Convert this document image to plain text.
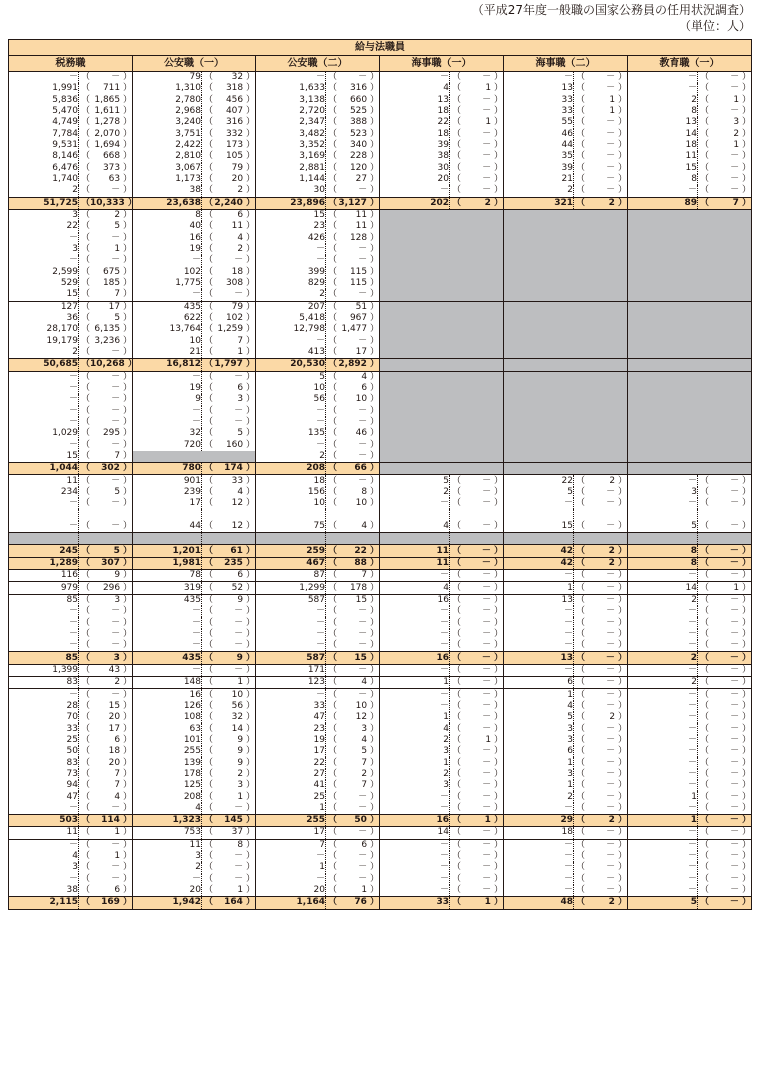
（平成27年度一般職の国家公務員の任用状況調査）
（単位：人）
給与法職員											
税務職		公安職（一）		公安職（二）		海事職（一）		海事職（二）		教育職（一）	
－	（ － ）	79	（ 32 ）	－	（ － ）	－	（ － ）	－	（ － ）	－	（ － ）
1,991	（ 711 ）	1,310	（ 318 ）	1,633	（ 316 ）	4	（ 1 ）	13	（ － ）	－	（ － ）
5,836	（ 1,865 ）	2,780	（ 456 ）	3,138	（ 660 ）	13	（ － ）	33	（ 1 ）	2	（ 1 ）
5,470	（ 1,611 ）	2,968	（ 407 ）	2,720	（ 525 ）	18	（ － ）	33	（ 1 ）	8	（ － ）
4,749	（ 1,278 ）	3,240	（ 316 ）	2,347	（ 388 ）	22	（ 1 ）	55	（ － ）	13	（ 3 ）
7,784	（ 2,070 ）	3,751	（ 332 ）	3,482	（ 523 ）	18	（ － ）	46	（ － ）	14	（ 2 ）
9,531	（ 1,694 ）	2,422	（ 173 ）	3,352	（ 340 ）	39	（ － ）	44	（ － ）	18	（ 1 ）
8,146	（ 668 ）	2,810	（ 105 ）	3,169	（ 228 ）	38	（ － ）	35	（ － ）	11	（ － ）
6,476	（ 373 ）	3,067	（ 79 ）	2,881	（ 120 ）	30	（ － ）	39	（ － ）	15	（ － ）
1,740	（ 63 ）	1,173	（ 20 ）	1,144	（ 27 ）	20	（ － ）	21	（ － ）	8	（ － ）
2	（ － ）	38	（ 2 ）	30	（ － ）	－	（ － ）	2	（ － ）	－	（ － ）
51,725	（ 10,333 ）	23,638	（ 2,240 ）	23,896	（ 3,127 ）	202	（ 2 ）	321	（ 2 ）	89	（ 7 ）
3	（ 2 ）	8	（ 6 ）	15	（ 11 ）						
22	（ 5 ）	40	（ 11 ）	23	（ 11 ）						
－	（ － ）	16	（ 4 ）	426	（ 128 ）						
3	（ 1 ）	19	（ 2 ）	－	（ － ）						
－	（ － ）	－	（ － ）	－	（ － ）						
2,599	（ 675 ）	102	（ 18 ）	399	（ 115 ）						
529	（ 185 ）	1,775	（ 308 ）	829	（ 115 ）						
15	（ 7 ）	－	（ － ）	2	（ － ）						
127	（ 17 ）	435	（ 79 ）	207	（ 51 ）						
36	（ 5 ）	622	（ 102 ）	5,418	（ 967 ）						
28,170	（ 6,135 ）	13,764	（ 1,259 ）	12,798	（ 1,477 ）						
19,179	（ 3,236 ）	10	（ 7 ）	－	（ － ）						
2	（ － ）	21	（ 1 ）	413	（ 17 ）						
50,685	（ 10,268 ）	16,812	（ 1,797 ）	20,530	（ 2,892 ）						
－	（ － ）	－	（ － ）	5	（ 4 ）						
－	（ － ）	19	（ 6 ）	10	（ 6 ）						
－	（ － ）	9	（ 3 ）	56	（ 10 ）						
－	（ － ）	－	（ － ）	－	（ － ）						
－	（ － ）	－	（ － ）	－	（ － ）						
1,029	（ 295 ）	32	（ 5 ）	135	（ 46 ）						
－	（ － ）	720	（ 160 ）	－	（ － ）						
15	（ 7 ）			2	（ － ）						
1,044	（ 302 ）	780	（ 174 ）	208	（ 66 ）						
11	（ － ）	901	（ 33 ）	18	（ － ）	5	（ － ）	22	（ 2 ）	－	（ － ）
234	（ 5 ）	239	（ 4 ）	156	（ 8 ）	2	（ － ）	5	（ － ）	3	（ － ）
－	（ － ）	17	（ 12 ）	10	（ 10 ）	－	（ － ）	－	（ － ）	－	（ － ）

－	（ － ）	44	（ 12 ）	75	（ 4 ）	4	（ － ）	15	（ － ）	5	（ － ）

245	（ 5 ）	1,201	（ 61 ）	259	（ 22 ）	11	（ － ）	42	（ 2 ）	8	（ － ）
1,289	（ 307 ）	1,981	（ 235 ）	467	（ 88 ）	11	（ － ）	42	（ 2 ）	8	（ － ）
116	（ 9 ）	78	（ 6 ）	87	（ 7 ）	－	（ － ）	－	（ － ）	－	（ － ）
979	（ 296 ）	319	（ 52 ）	1,299	（ 178 ）	4	（ － ）	1	（ － ）	14	（ 1 ）
85	（ 3 ）	435	（ 9 ）	587	（ 15 ）	16	（ － ）	13	（ － ）	2	（ － ）
－	（ － ）	－	（ － ）	－	（ － ）	－	（ － ）	－	（ － ）	－	（ － ）
－	（ － ）	－	（ － ）	－	（ － ）	－	（ － ）	－	（ － ）	－	（ － ）
－	（ － ）	－	（ － ）	－	（ － ）	－	（ － ）	－	（ － ）	－	（ － ）
－	（ － ）	－	（ － ）	－	（ － ）	－	（ － ）	－	（ － ）	－	（ － ）
85	（ 3 ）	435	（ 9 ）	587	（ 15 ）	16	（ － ）	13	（ － ）	2	（ － ）
1,399	（ 43 ）	－	（ － ）	171	（ － ）	－	（ － ）	－	（ － ）	－	（ － ）
83	（ 2 ）	148	（ 1 ）	123	（ 4 ）	1	（ － ）	6	（ － ）	2	（ － ）
－	（ － ）	16	（ 10 ）	－	（ － ）	－	（ － ）	1	（ － ）	－	（ － ）
28	（ 15 ）	126	（ 56 ）	33	（ 10 ）	－	（ － ）	4	（ － ）	－	（ － ）
70	（ 20 ）	108	（ 32 ）	47	（ 12 ）	1	（ － ）	5	（ 2 ）	－	（ － ）
33	（ 17 ）	63	（ 14 ）	23	（ 3 ）	4	（ － ）	3	（ － ）	－	（ － ）
25	（ 6 ）	101	（ 9 ）	19	（ 4 ）	2	（ 1 ）	3	（ － ）	－	（ － ）
50	（ 18 ）	255	（ 9 ）	17	（ 5 ）	3	（ － ）	6	（ － ）	－	（ － ）
83	（ 20 ）	139	（ 9 ）	22	（ 7 ）	1	（ － ）	1	（ － ）	－	（ － ）
73	（ 7 ）	178	（ 2 ）	27	（ 2 ）	2	（ － ）	3	（ － ）	－	（ － ）
94	（ 7 ）	125	（ 3 ）	41	（ 7 ）	3	（ － ）	1	（ － ）	－	（ － ）
47	（ 4 ）	208	（ 1 ）	25	（ － ）	－	（ － ）	2	（ － ）	1	（ － ）
－	（ － ）	4	（ － ）	1	（ － ）	－	（ － ）	－	（ － ）	－	（ － ）
503	（ 114 ）	1,323	（ 145 ）	255	（ 50 ）	16	（ 1 ）	29	（ 2 ）	1	（ － ）
11	（ 1 ）	753	（ 37 ）	17	（ － ）	14	（ － ）	18	（ － ）	－	（ － ）
－	（ － ）	11	（ 8 ）	7	（ 6 ）	－	（ － ）	－	（ － ）	－	（ － ）
4	（ 1 ）	3	（ － ）	－	（ － ）	－	（ － ）	－	（ － ）	－	（ － ）
3	（ － ）	2	（ － ）	1	（ － ）	－	（ － ）	－	（ － ）	－	（ － ）
－	（ － ）	－	（ － ）	－	（ － ）	－	（ － ）	－	（ － ）	－	（ － ）
38	（ 6 ）	20	（ 1 ）	20	（ 1 ）	－	（ － ）	－	（ － ）	－	（ － ）
2,115	（ 169 ）	1,942	（ 164 ）	1,164	（ 76 ）	33	（ 1 ）	48	（ 2 ）	5	（ － ）
